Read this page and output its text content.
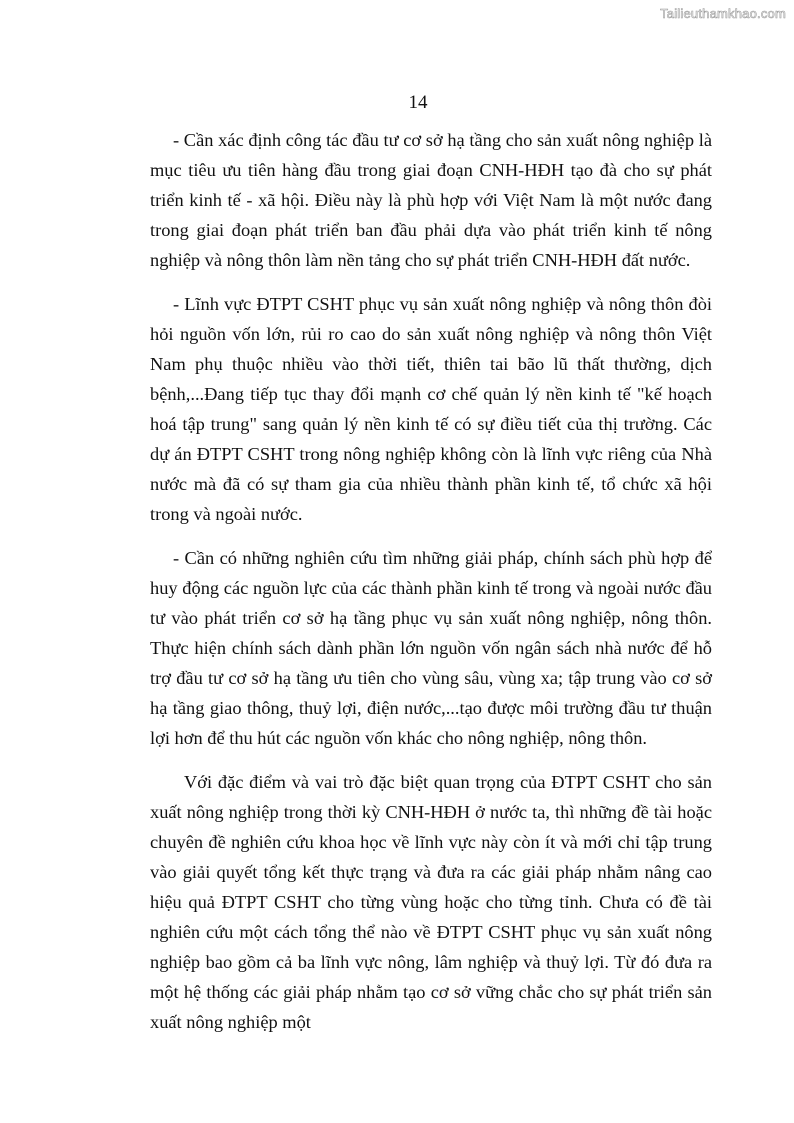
Tailieuthamkhao.com
14

- Cần xác định công tác đầu tư cơ sở hạ tầng cho sản xuất nông nghiệp là mục tiêu ưu tiên hàng đầu trong giai đoạn CNH-HĐH tạo đà cho sự phát triển kinh tế - xã hội. Điều này là phù hợp với Việt Nam là một nước đang trong giai đoạn phát triển ban đầu phải dựa vào phát triển kinh tế nông nghiệp và nông thôn làm nền tảng cho sự phát triển CNH-HĐH đất nước.

- Lĩnh vực ĐTPT CSHT phục vụ sản xuất nông nghiệp và nông thôn đòi hỏi nguồn vốn lớn, rủi ro cao do sản xuất nông nghiệp và nông thôn Việt Nam phụ thuộc nhiều vào thời tiết, thiên tai bão lũ thất thường, dịch bệnh,...Đang tiếp tục thay đổi mạnh cơ chế quản lý nền kinh tế "kế hoạch hoá tập trung" sang quản lý nền kinh tế có sự điều tiết của thị trường. Các dự án ĐTPT CSHT trong nông nghiệp không còn là lĩnh vực riêng của Nhà nước mà đã có sự tham gia của nhiều thành phần kinh tế, tổ chức xã hội trong và ngoài nước.

- Cần có những nghiên cứu tìm những giải pháp, chính sách phù hợp để huy động các nguồn lực của các thành phần kinh tế trong và ngoài nước đầu tư vào phát triển cơ sở hạ tầng phục vụ sản xuất nông nghiệp, nông thôn. Thực hiện chính sách dành phần lớn nguồn vốn ngân sách nhà nước để hỗ trợ đầu tư cơ sở hạ tầng ưu tiên cho vùng sâu, vùng xa; tập trung vào cơ sở hạ tầng giao thông, thuỷ lợi, điện nước,...tạo được môi trường đầu tư thuận lợi hơn để thu hút các nguồn vốn khác cho nông nghiệp, nông thôn.

Với đặc điểm và vai trò đặc biệt quan trọng của ĐTPT CSHT cho sản xuất nông nghiệp trong thời kỳ CNH-HĐH ở nước ta, thì những đề tài hoặc chuyên đề nghiên cứu khoa học về lĩnh vực này còn ít và mới chỉ tập trung vào giải quyết tổng kết thực trạng và đưa ra các giải pháp nhằm nâng cao hiệu quả ĐTPT CSHT cho từng vùng hoặc cho từng tỉnh. Chưa có đề tài nghiên cứu một cách tổng thể nào về ĐTPT CSHT phục vụ sản xuất nông nghiệp bao gồm cả ba lĩnh vực nông, lâm nghiệp và thuỷ lợi. Từ đó đưa ra một hệ thống các giải pháp nhằm tạo cơ sở vững chắc cho sự phát triển sản xuất nông nghiệp một
